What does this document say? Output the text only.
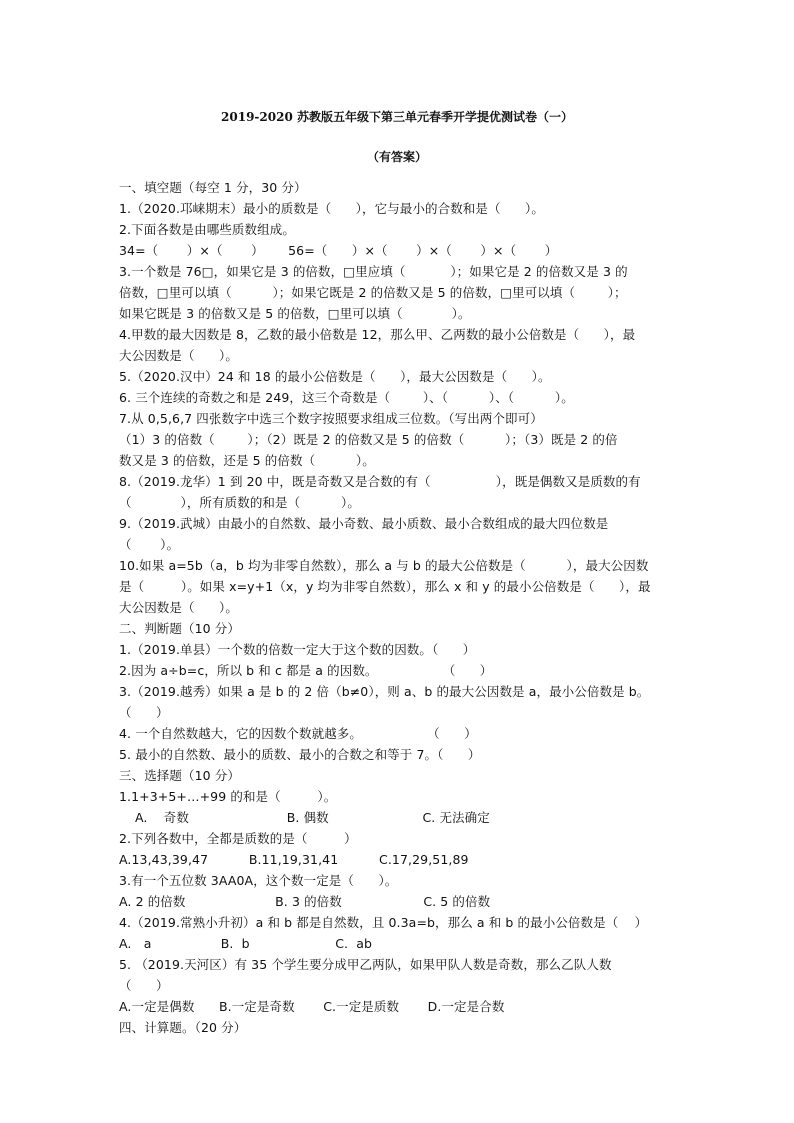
2019-2020 苏教版五年级下第三单元春季开学提优测试卷（一）
（有答案）
一、填空题（每空 1 分，30 分）
1.（2020.邛崃期末）最小的质数是（      ），它与最小的合数和是（      ）。
2.下面各数是由哪些质数组成。
34=（       ）×（       ）      56=（      ）×（       ）×（       ）×（       ）
3.一个数是 76□，如果它是 3 的倍数，□里应填（           ）；如果它是 2 的倍数又是 3 的
倍数，□里可以填（          ）；如果它既是 2 的倍数又是 5 的倍数，□里可以填（        ）；
如果它既是 3 的倍数又是 5 的倍数，□里可以填（            ）。
4.甲数的最大因数是 8，乙数的最小倍数是 12，那么甲、乙两数的最小公倍数是（      ），最
大公因数是（      ）。
5.（2020.汉中）24 和 18 的最小公倍数是（      ），最大公因数是（      ）。
6. 三个连续的奇数之和是 249，这三个奇数是（        ）、（          ）、（          ）。
7.从 0,5,6,7 四张数字中选三个数字按照要求组成三位数。（写出两个即可）
（1）3 的倍数（        ）；（2）既是 2 的倍数又是 5 的倍数（          ）；（3）既是 2 的倍
数又是 3 的倍数，还是 5 的倍数（          ）。
8.（2019.龙华）1 到 20 中，既是奇数又是合数的有（                ），既是偶数又是质数的有
（            ），所有质数的和是（          ）。
9.（2019.武城）由最小的自然数、最小奇数、最小质数、最小合数组成的最大四位数是
（       ）。
10.如果 a=5b（a，b 均为非零自然数），那么 a 与 b 的最大公倍数是（          ），最大公因数
是（         ）。如果 x=y+1（x，y 均为非零自然数），那么 x 和 y 的最小公倍数是（      ），最
大公因数是（      ）。
二、判断题（10 分）
1.（2019.单县）一个数的倍数一定大于这个数的因数。（      ）
2.因为 a÷b=c，所以 b 和 c 都是 a 的因数。                （      ）
3.（2019.越秀）如果 a 是 b 的 2 倍（b≠0），则 a、b 的最大公因数是 a，最小公倍数是 b。
（      ）
4. 一个自然数越大，它的因数个数就越多。                （      ）
5. 最小的自然数、最小的质数、最小的合数之和等于 7。（      ）
三、选择题（10 分）
1.1+3+5+…+99 的和是（         ）。
A.    奇数                        B. 偶数                       C. 无法确定
2.下列各数中，全都是质数的是（         ）
A.13,43,39,47          B.11,19,31,41          C.17,29,51,89
3.有一个五位数 3AA0A，这个数一定是（      ）。
A. 2 的倍数                      B. 3 的倍数                    C. 5 的倍数
4.（2019.常熟小升初）a 和 b 都是自然数，且 0.3a=b，那么 a 和 b 的最小公倍数是（    ）
A.   a                 B.  b                     C.  ab
5. （2019.天河区）有 35 个学生要分成甲乙两队，如果甲队人数是奇数，那么乙队人数
（      ）
A.一定是偶数      B.一定是奇数       C.一定是质数       D.一定是合数
四、计算题。（20 分）
